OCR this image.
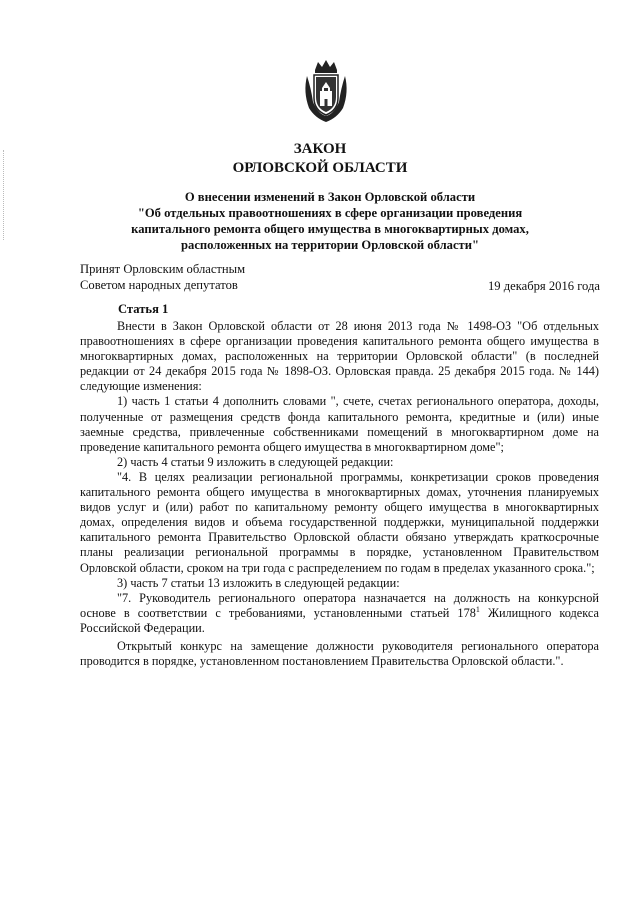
ЗАКОН
ОРЛОВСКОЙ ОБЛАСТИ
О внесении изменений в Закон Орловской области
"Об отдельных правоотношениях в сфере организации проведения
капитального ремонта общего имущества в многоквартирных домах,
расположенных на территории Орловской области"
Принят Орловским областным
Советом народных депутатов	19 декабря 2016 года
Статья 1

Внести в Закон Орловской области от 28 июня 2013 года № 1498-ОЗ "Об отдельных правоотношениях в сфере организации проведения капитального ремонта общего имущества в многоквартирных домах, расположенных на территории Орловской области" (в последней редакции от 24 декабря 2015 года № 1898-ОЗ. Орловская правда. 25 декабря 2015 года. № 144) следующие изменения:

1) часть 1 статьи 4 дополнить словами ", счете, счетах регионального оператора, доходы, полученные от размещения средств фонда капитального ремонта, кредитные и (или) иные заемные средства, привлеченные собственниками помещений в многоквартирном доме на проведение капитального ремонта общего имущества в многоквартирном доме";

2) часть 4 статьи 9 изложить в следующей редакции:

"4. В целях реализации региональной программы, конкретизации сроков проведения капитального ремонта общего имущества в многоквартирных домах, уточнения планируемых видов услуг и (или) работ по капитальному ремонту общего имущества в многоквартирных домах, определения видов и объема государственной поддержки, муниципальной поддержки капитального ремонта Правительство Орловской области обязано утверждать краткосрочные планы реализации региональной программы в порядке, установленном Правительством Орловской области, сроком на три года с распределением по годам в пределах указанного срока.";

3) часть 7 статьи 13 изложить в следующей редакции:

"7. Руководитель регионального оператора назначается на должность на конкурсной основе в соответствии с требованиями, установленными статьей $178^1$ Жилищного кодекса Российской Федерации.

Открытый конкурс на замещение должности руководителя регионального оператора проводится в порядке, установленном постановлением Правительства Орловской области.".
